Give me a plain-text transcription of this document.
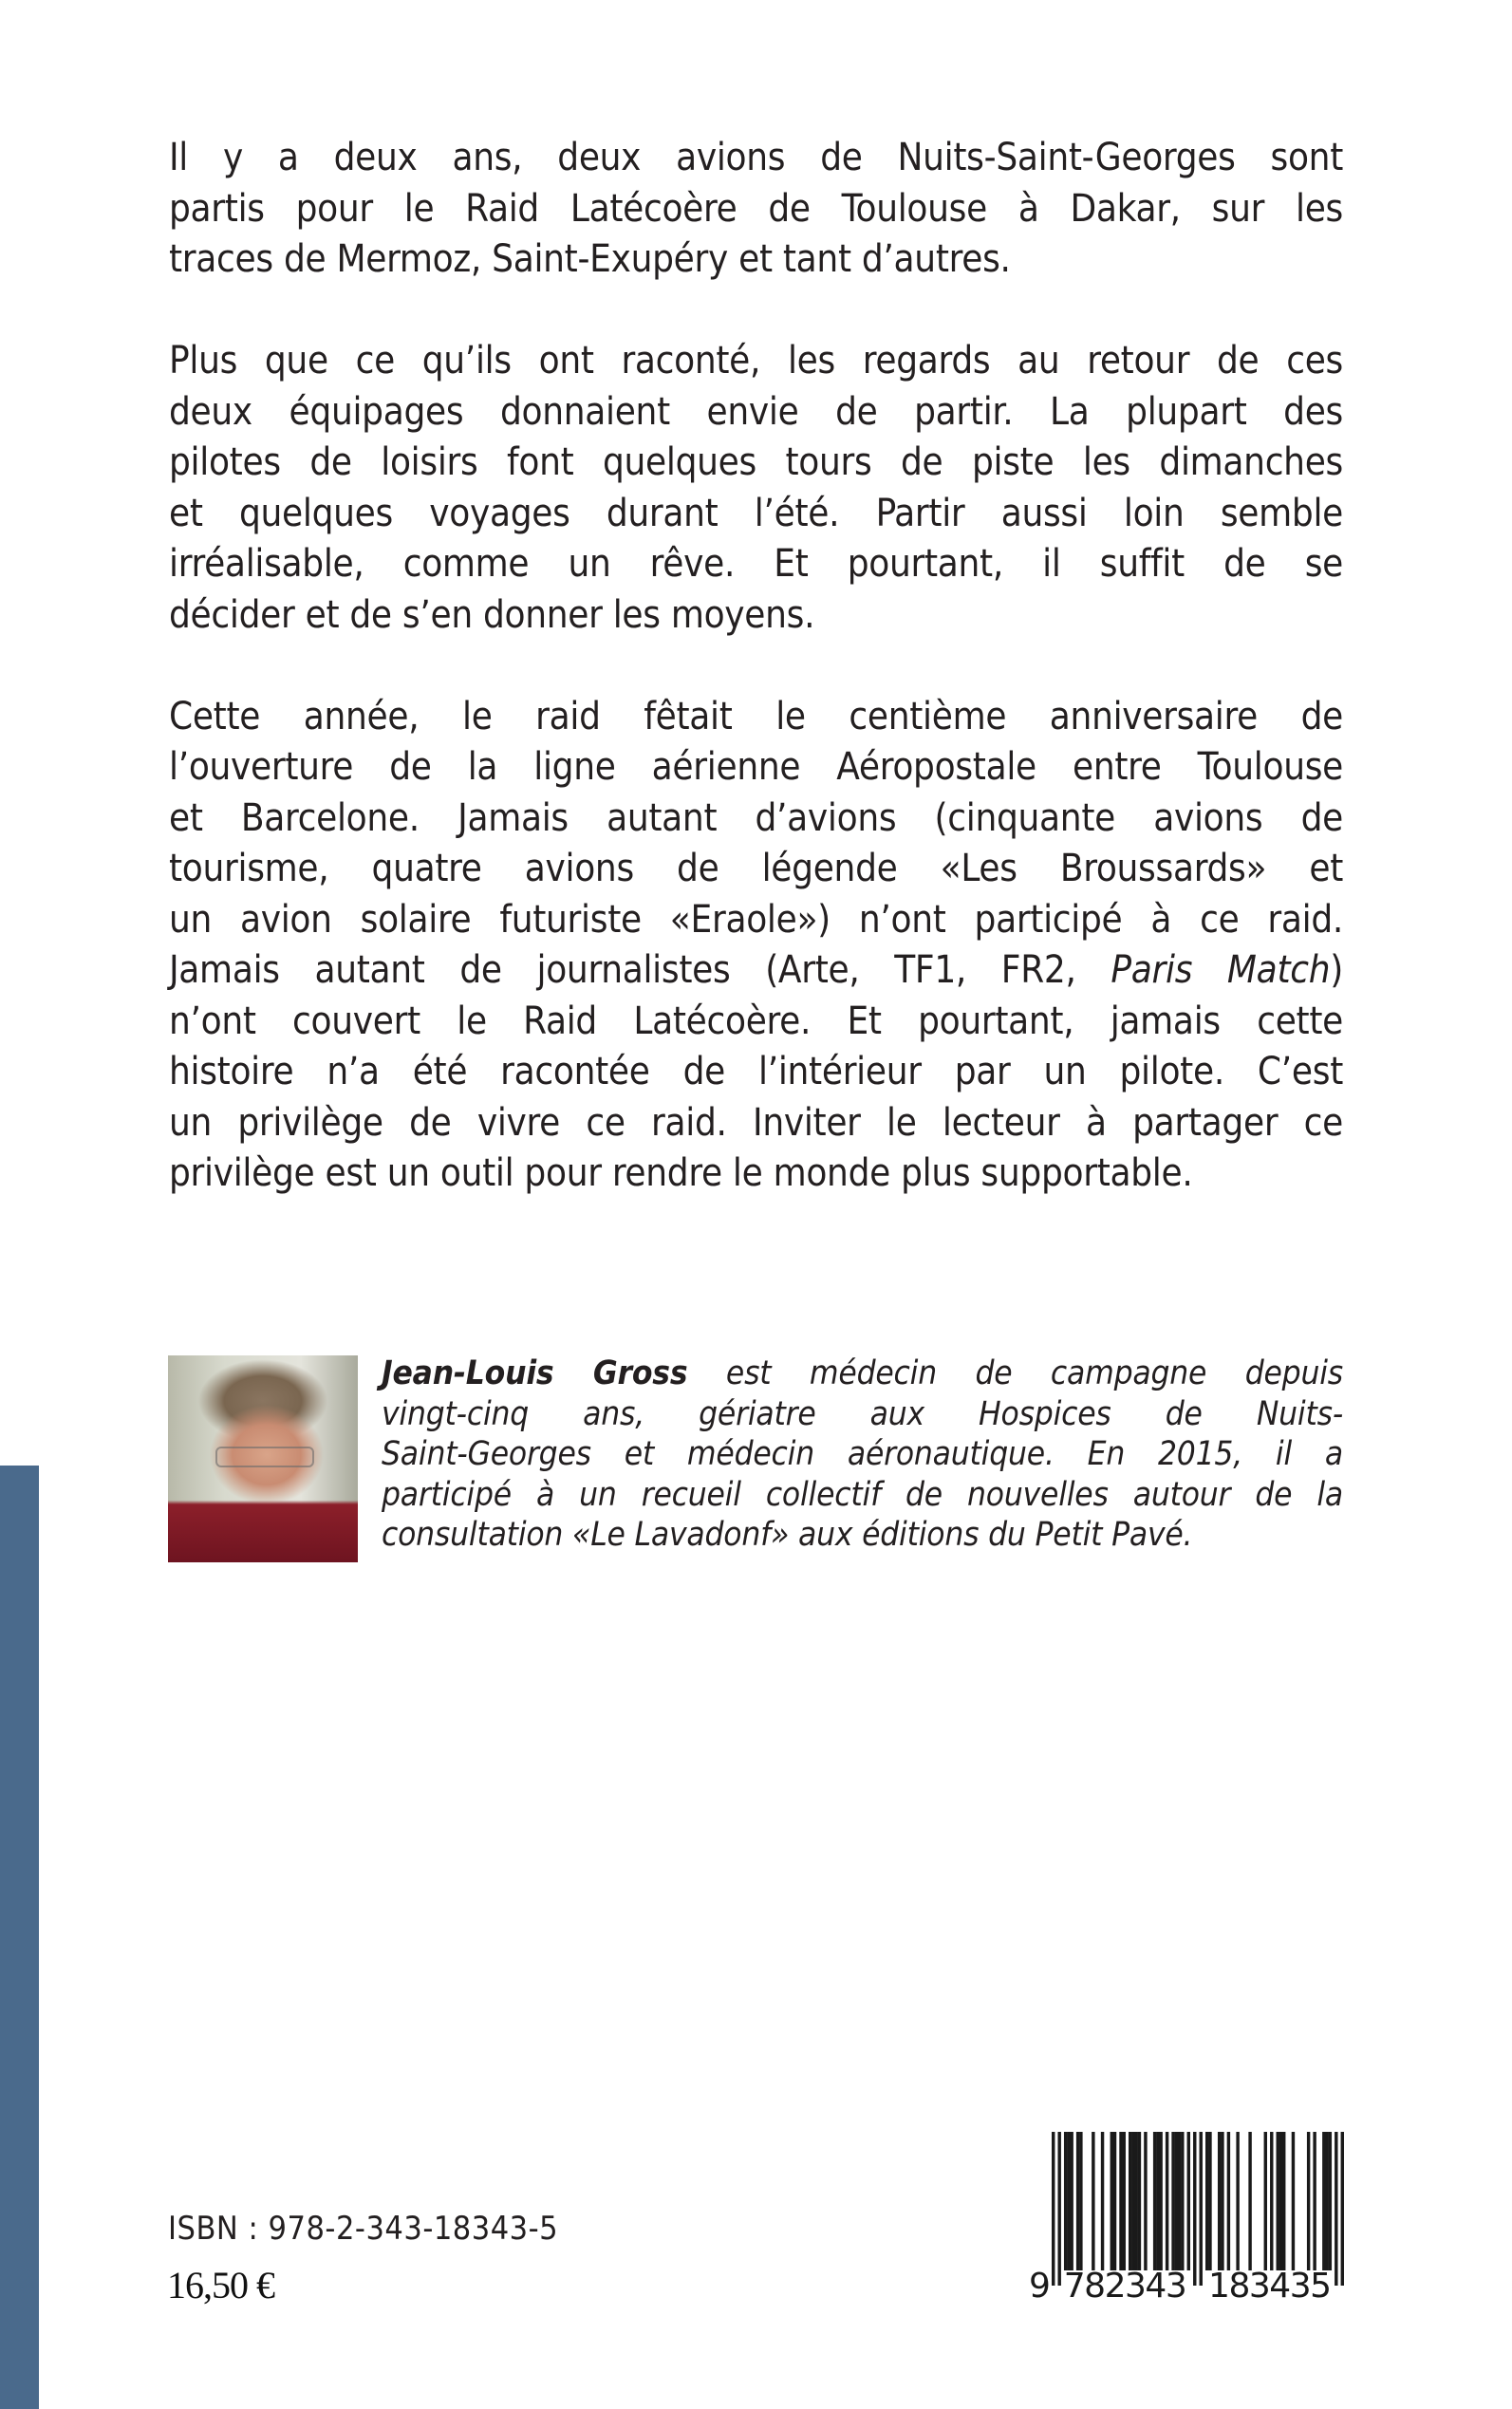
Il y a deux ans, deux avions de Nuits-Saint-Georges sont
partis pour le Raid Latécoère de Toulouse à Dakar, sur les
traces de Mermoz, Saint-Exupéry et tant d’autres.

Plus que ce qu’ils ont raconté, les regards au retour de ces
deux équipages donnaient envie de partir. La plupart des
pilotes de loisirs font quelques tours de piste les dimanches
et quelques voyages durant l’été. Partir aussi loin semble
irréalisable, comme un rêve. Et pourtant, il suffit de se
décider et de s’en donner les moyens.

Cette année, le raid fêtait le centième anniversaire de
l’ouverture de la ligne aérienne Aéropostale entre Toulouse
et Barcelone. Jamais autant d’avions (cinquante avions de
tourisme, quatre avions de légende «Les Broussards» et
un avion solaire futuriste «Eraole») n’ont participé à ce raid.
Jamais autant de journalistes (Arte, TF1, FR2, Paris Match)
n’ont couvert le Raid Latécoère. Et pourtant, jamais cette
histoire n’a été racontée de l’intérieur par un pilote. C’est
un privilège de vivre ce raid. Inviter le lecteur à partager ce
privilège est un outil pour rendre le monde plus supportable.

Jean-Louis Gross est médecin de campagne depuis
vingt-cinq ans, gériatre aux Hospices de Nuits-
Saint-Georges et médecin aéronautique. En 2015, il a
participé à un recueil collectif de nouvelles autour de la
consultation «Le Lavadonf» aux éditions du Petit Pavé.
ISBN : 978-2-343-18343-5
16,50 €	9 782343 183435
